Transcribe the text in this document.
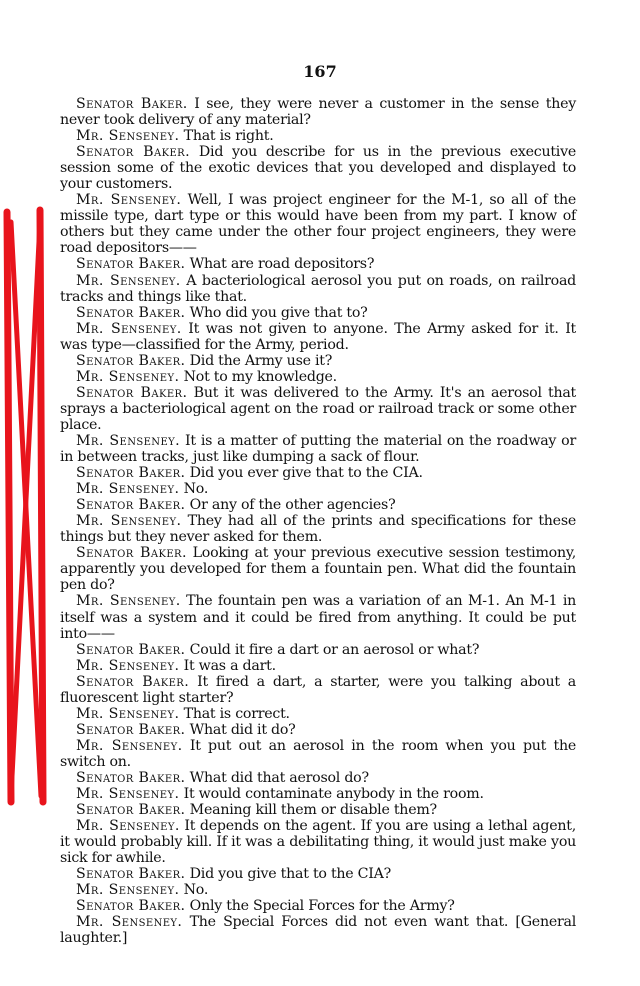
167

Senator Baker. I see, they were never a customer in the sense they never took delivery of any material?

Mr. Senseney. That is right.

Senator Baker. Did you describe for us in the previous executive session some of the exotic devices that you developed and displayed to your customers.

Mr. Senseney. Well, I was project engineer for the M-1, so all of the missile type, dart type or this would have been from my part. I know of others but they came under the other four project engineers, they were road depositors——

Senator Baker. What are road depositors?

Mr. Senseney. A bacteriological aerosol you put on roads, on railroad tracks and things like that.

Senator Baker. Who did you give that to?

Mr. Senseney. It was not given to anyone. The Army asked for it. It was type—classified for the Army, period.

Senator Baker. Did the Army use it?

Mr. Senseney. Not to my knowledge.

Senator Baker. But it was delivered to the Army. It's an aerosol that sprays a bacteriological agent on the road or railroad track or some other place.

Mr. Senseney. It is a matter of putting the material on the roadway or in between tracks, just like dumping a sack of flour.

Senator Baker. Did you ever give that to the CIA.

Mr. Senseney. No.

Senator Baker. Or any of the other agencies?

Mr. Senseney. They had all of the prints and specifications for these things but they never asked for them.

Senator Baker. Looking at your previous executive session testimony, apparently you developed for them a fountain pen. What did the fountain pen do?

Mr. Senseney. The fountain pen was a variation of an M-1. An M-1 in itself was a system and it could be fired from anything. It could be put into——

Senator Baker. Could it fire a dart or an aerosol or what?

Mr. Senseney. It was a dart.

Senator Baker. It fired a dart, a starter, were you talking about a fluorescent light starter?

Mr. Senseney. That is correct.

Senator Baker. What did it do?

Mr. Senseney. It put out an aerosol in the room when you put the switch on.

Senator Baker. What did that aerosol do?

Mr. Senseney. It would contaminate anybody in the room.

Senator Baker. Meaning kill them or disable them?

Mr. Senseney. It depends on the agent. If you are using a lethal agent, it would probably kill. If it was a debilitating thing, it would just make you sick for awhile.

Senator Baker. Did you give that to the CIA?

Mr. Senseney. No.

Senator Baker. Only the Special Forces for the Army?

Mr. Senseney. The Special Forces did not even want that. [General laughter.]
